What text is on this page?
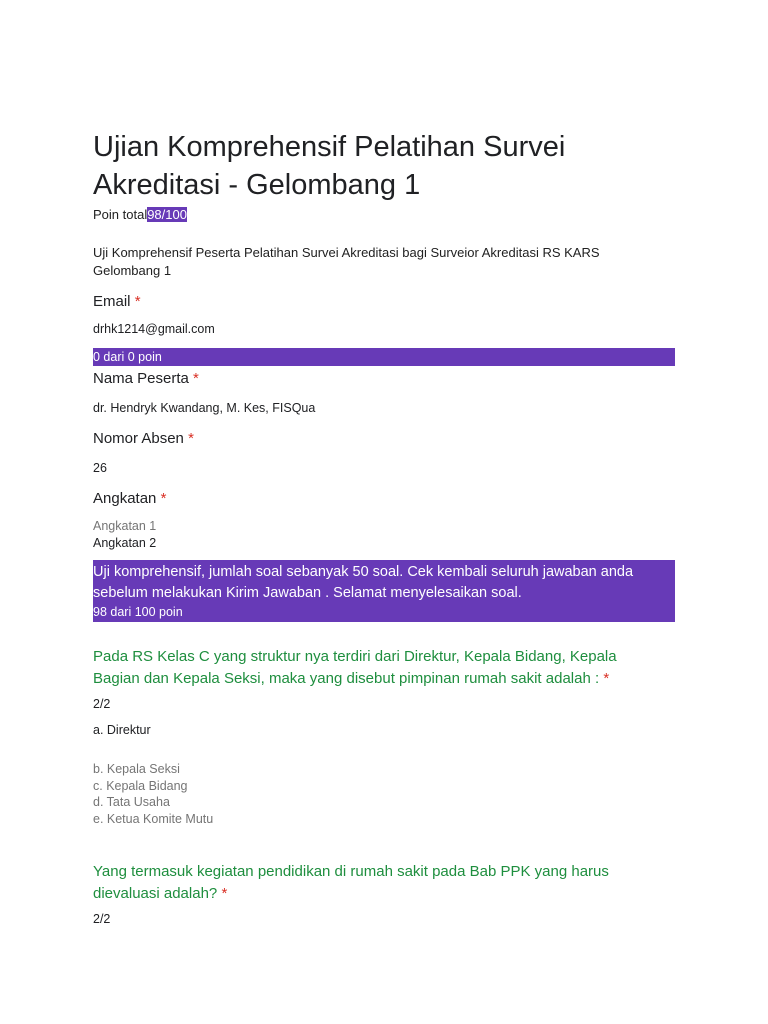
Ujian Komprehensif Pelatihan Survei Akreditasi - Gelombang 1
Poin total98/100
Uji Komprehensif Peserta Pelatihan Survei Akreditasi bagi Surveior Akreditasi RS KARS Gelombang 1
Email *
drhk1214@gmail.com
0 dari 0 poin
Nama Peserta *
dr. Hendryk Kwandang, M. Kes, FISQua
Nomor Absen *
26
Angkatan *
Angkatan 1
Angkatan 2
Uji komprehensif, jumlah soal sebanyak 50 soal. Cek kembali seluruh jawaban anda sebelum melakukan Kirim Jawaban . Selamat menyelesaikan soal.
98 dari 100 poin
Pada RS Kelas C yang struktur nya terdiri dari Direktur, Kepala Bidang, Kepala Bagian dan Kepala Seksi, maka yang disebut pimpinan rumah sakit adalah : *
2/2
a. Direktur
b. Kepala Seksi
c. Kepala Bidang
d. Tata Usaha
e. Ketua Komite Mutu
Yang termasuk kegiatan pendidikan di rumah sakit pada Bab PPK yang harus dievaluasi adalah? *
2/2
